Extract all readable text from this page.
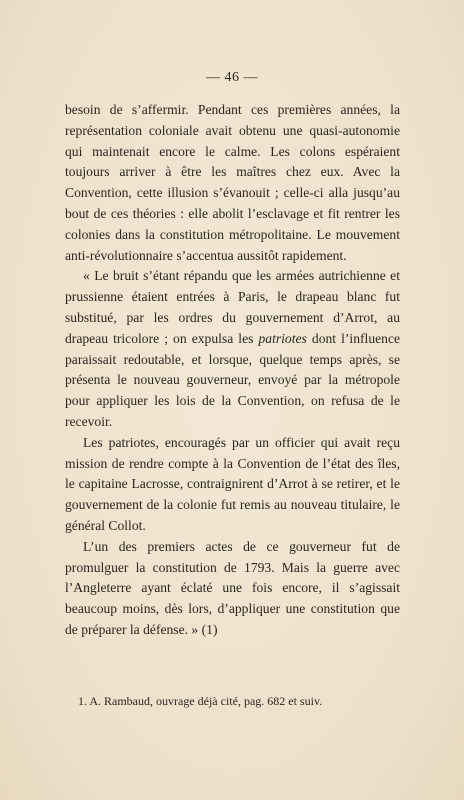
— 46 —

besoin de s’affermir. Pendant ces premières années, la représentation coloniale avait obtenu une quasi-autonomie qui maintenait encore le calme. Les colons espéraient toujours arriver à être les maîtres chez eux. Avec la Convention, cette illusion s’évanouit ; celle-ci alla jusqu’au bout de ces théories : elle abolit l’esclavage et fit rentrer les colonies dans la constitution métropolitaine. Le mouvement anti-révolutionnaire s’accentua aussitôt rapidement.

« Le bruit s’étant répandu que les armées autrichienne et prussienne étaient entrées à Paris, le drapeau blanc fut substitué, par les ordres du gouvernement d’Arrot, au drapeau tricolore ; on expulsa les patriotes dont l’influence paraissait redoutable, et lorsque, quelque temps après, se présenta le nouveau gouverneur, envoyé par la métropole pour appliquer les lois de la Convention, on refusa de le recevoir.

Les patriotes, encouragés par un officier qui avait reçu mission de rendre compte à la Convention de l’état des îles, le capitaine Lacrosse, contraignirent d’Arrot à se retirer, et le gouvernement de la colonie fut remis au nouveau titulaire, le général Collot.

L’un des premiers actes de ce gouverneur fut de promulguer la constitution de 1793. Mais la guerre avec l’Angleterre ayant éclaté une fois encore, il s’agissait beaucoup moins, dès lors, d’appliquer une constitution que de préparer la défense. » (1)

1. A. Rambaud, ouvrage déjà cité, pag. 682 et suiv.
